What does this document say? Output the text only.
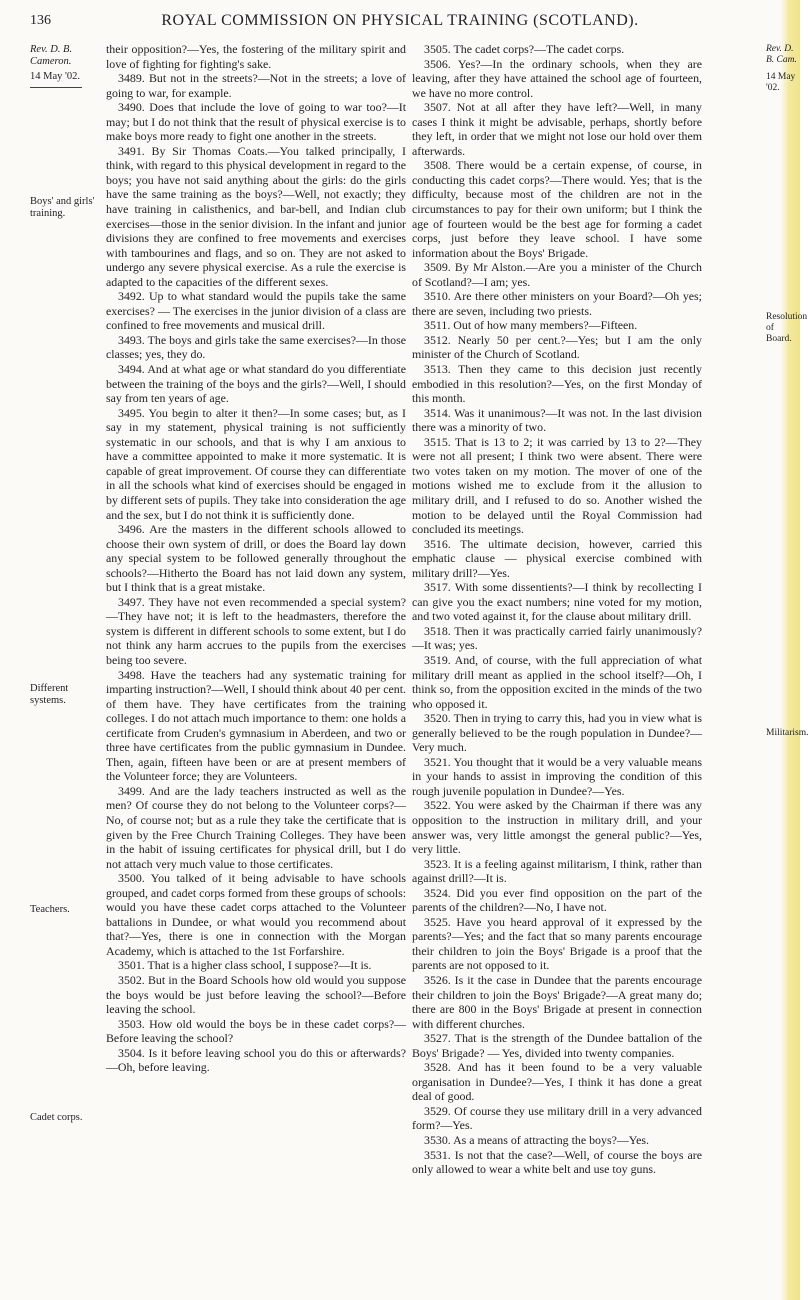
136	ROYAL COMMISSION ON PHYSICAL TRAINING (SCOTLAND).
Rev. D. B. Cameron.
14 May '02.
Boys' and girls' training.
Different systems.
Teachers.
Cadet corps.
Rev. D. B. Cam.
14 May '02.
Resolution of Board.
Militarism.

their opposition?—Yes, the fostering of the military spirit and love of fighting for fighting's sake.

3489. But not in the streets?—Not in the streets; a love of going to war, for example.

3490. Does that include the love of going to war too?—It may; but I do not think that the result of physical exercise is to make boys more ready to fight one another in the streets.

3491. By Sir Thomas Coats.—You talked principally, I think, with regard to this physical development in regard to the boys; you have not said anything about the girls: do the girls have the same training as the boys?—Well, not exactly; they have training in calisthenics, and bar-bell, and Indian club exercises—those in the senior division. In the infant and junior divisions they are confined to free movements and exercises with tambourines and flags, and so on. They are not asked to undergo any severe physical exercise. As a rule the exercise is adapted to the capacities of the different sexes.

3492. Up to what standard would the pupils take the same exercises? — The exercises in the junior division of a class are confined to free movements and musical drill.

3493. The boys and girls take the same exercises?—In those classes; yes, they do.

3494. And at what age or what standard do you differentiate between the training of the boys and the girls?—Well, I should say from ten years of age.

3495. You begin to alter it then?—In some cases; but, as I say in my statement, physical training is not sufficiently systematic in our schools, and that is why I am anxious to have a committee appointed to make it more systematic. It is capable of great improvement. Of course they can differentiate in all the schools what kind of exercises should be engaged in by different sets of pupils. They take into consideration the age and the sex, but I do not think it is sufficiently done.

3496. Are the masters in the different schools allowed to choose their own system of drill, or does the Board lay down any special system to be followed generally throughout the schools?—Hitherto the Board has not laid down any system, but I think that is a great mistake.

3497. They have not even recommended a special system?—They have not; it is left to the headmasters, therefore the system is different in different schools to some extent, but I do not think any harm accrues to the pupils from the exercises being too severe.

3498. Have the teachers had any systematic training for imparting instruction?—Well, I should think about 40 per cent. of them have. They have certificates from the training colleges. I do not attach much importance to them: one holds a certificate from Cruden's gymnasium in Aberdeen, and two or three have certificates from the public gymnasium in Dundee. Then, again, fifteen have been or are at present members of the Volunteer force; they are Volunteers.

3499. And are the lady teachers instructed as well as the men? Of course they do not belong to the Volunteer corps?—No, of course not; but as a rule they take the certificate that is given by the Free Church Training Colleges. They have been in the habit of issuing certificates for physical drill, but I do not attach very much value to those certificates.

3500. You talked of it being advisable to have schools grouped, and cadet corps formed from these groups of schools: would you have these cadet corps attached to the Volunteer battalions in Dundee, or what would you recommend about that?—Yes, there is one in connection with the Morgan Academy, which is attached to the 1st Forfarshire.

3501. That is a higher class school, I suppose?—It is.

3502. But in the Board Schools how old would you suppose the boys would be just before leaving the school?—Before leaving the school.

3503. How old would the boys be in these cadet corps?—Before leaving the school?

3504. Is it before leaving school you do this or afterwards?—Oh, before leaving.

3505. The cadet corps?—The cadet corps.

3506. Yes?—In the ordinary schools, when they are leaving, after they have attained the school age of fourteen, we have no more control.

3507. Not at all after they have left?—Well, in many cases I think it might be advisable, perhaps, shortly before they left, in order that we might not lose our hold over them afterwards.

3508. There would be a certain expense, of course, in conducting this cadet corps?—There would. Yes; that is the difficulty, because most of the children are not in the circumstances to pay for their own uniform; but I think the age of fourteen would be the best age for forming a cadet corps, just before they leave school. I have some information about the Boys' Brigade.

3509. By Mr Alston.—Are you a minister of the Church of Scotland?—I am; yes.

3510. Are there other ministers on your Board?—Oh yes; there are seven, including two priests.

3511. Out of how many members?—Fifteen.

3512. Nearly 50 per cent.?—Yes; but I am the only minister of the Church of Scotland.

3513. Then they came to this decision just recently embodied in this resolution?—Yes, on the first Monday of this month.

3514. Was it unanimous?—It was not. In the last division there was a minority of two.

3515. That is 13 to 2; it was carried by 13 to 2?—They were not all present; I think two were absent. There were two votes taken on my motion. The mover of one of the motions wished me to exclude from it the allusion to military drill, and I refused to do so. Another wished the motion to be delayed until the Royal Commission had concluded its meetings.

3516. The ultimate decision, however, carried this emphatic clause — physical exercise combined with military drill?—Yes.

3517. With some dissentients?—I think by recollecting I can give you the exact numbers; nine voted for my motion, and two voted against it, for the clause about military drill.

3518. Then it was practically carried fairly unanimously?—It was; yes.

3519. And, of course, with the full appreciation of what military drill meant as applied in the school itself?—Oh, I think so, from the opposition excited in the minds of the two who opposed it.

3520. Then in trying to carry this, had you in view what is generally believed to be the rough population in Dundee?—Very much.

3521. You thought that it would be a very valuable means in your hands to assist in improving the condition of this rough juvenile population in Dundee?—Yes.

3522. You were asked by the Chairman if there was any opposition to the instruction in military drill, and your answer was, very little amongst the general public?—Yes, very little.

3523. It is a feeling against militarism, I think, rather than against drill?—It is.

3524. Did you ever find opposition on the part of the parents of the children?—No, I have not.

3525. Have you heard approval of it expressed by the parents?—Yes; and the fact that so many parents encourage their children to join the Boys' Brigade is a proof that the parents are not opposed to it.

3526. Is it the case in Dundee that the parents encourage their children to join the Boys' Brigade?—A great many do; there are 800 in the Boys' Brigade at present in connection with different churches.

3527. That is the strength of the Dundee battalion of the Boys' Brigade? — Yes, divided into twenty companies.

3528. And has it been found to be a very valuable organisation in Dundee?—Yes, I think it has done a great deal of good.

3529. Of course they use military drill in a very advanced form?—Yes.

3530. As a means of attracting the boys?—Yes.

3531. Is not that the case?—Well, of course the boys are only allowed to wear a white belt and use toy guns.
